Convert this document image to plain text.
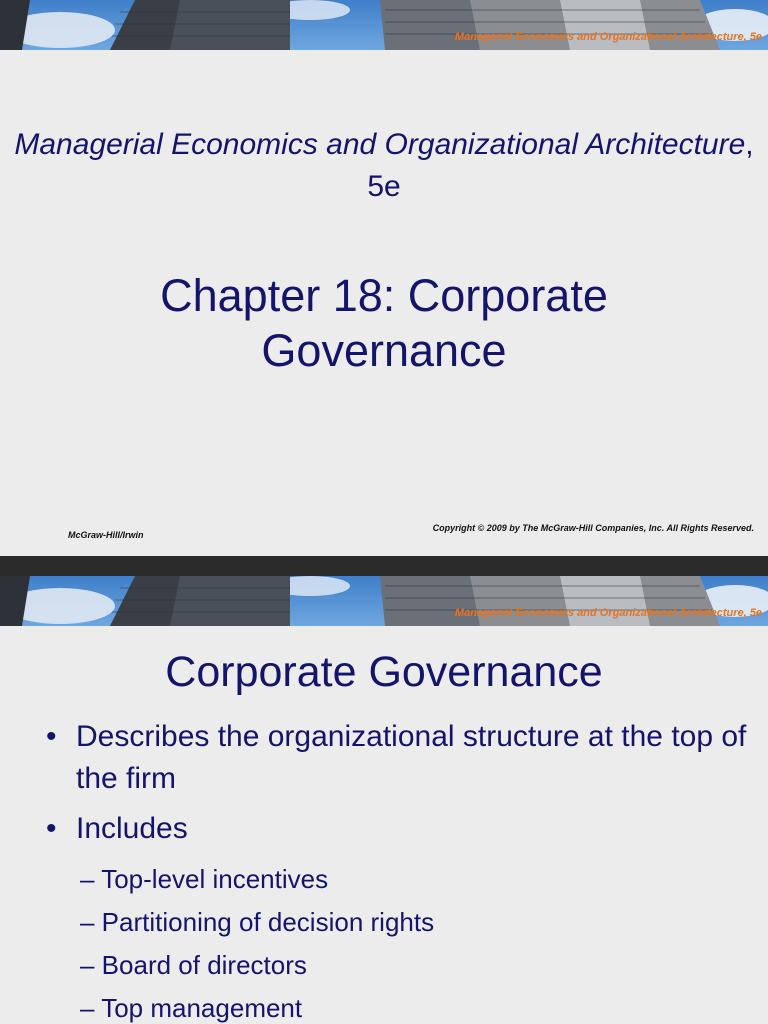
Managerial Economics and Organizational Architecture, 5e
Managerial Economics and Organizational Architecture, 5e
Chapter 18: Corporate
Governance
McGraw-Hill/Irwin
Copyright © 2009 by The McGraw-Hill Companies, Inc. All Rights Reserved.
Managerial Economics and Organizational Architecture, 5e
Corporate Governance
• Describes the organizational structure at the top of the firm
• Includes
– Top-level incentives
– Partitioning of decision rights
– Board of directors
– Top management
